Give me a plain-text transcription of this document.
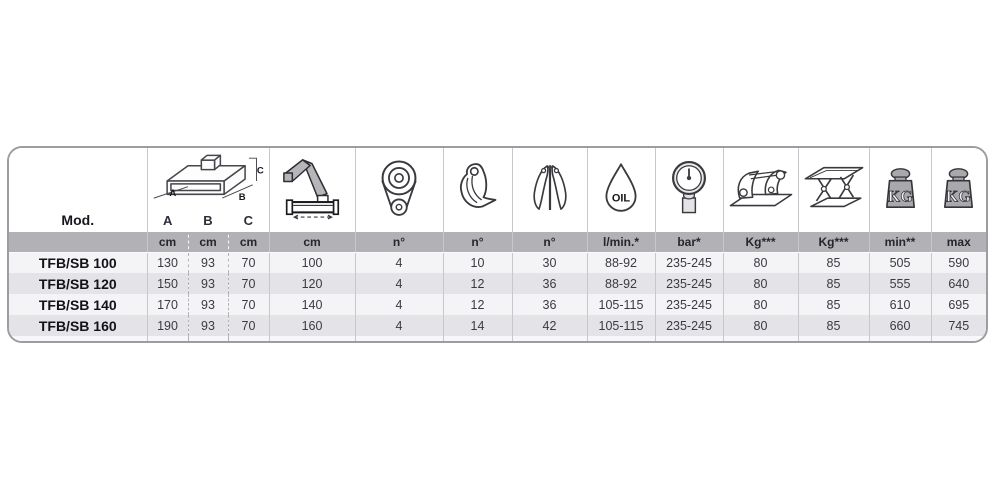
Mod.	
A	B
C
A	B	C

OIL				KG	KG

	cm	cm	cm	cm	n°	n°	n°	l/min.*	bar*	Kg***	Kg***	min**	max
TFB/SB 100	130	93	70	100	4	10	30	88-92	235-245	80	85	505	590
TFB/SB 120	150	93	70	120	4	12	36	88-92	235-245	80	85	555	640
TFB/SB 140	170	93	70	140	4	12	36	105-115	235-245	80	85	610	695
TFB/SB 160	190	93	70	160	4	14	42	105-115	235-245	80	85	660	745
